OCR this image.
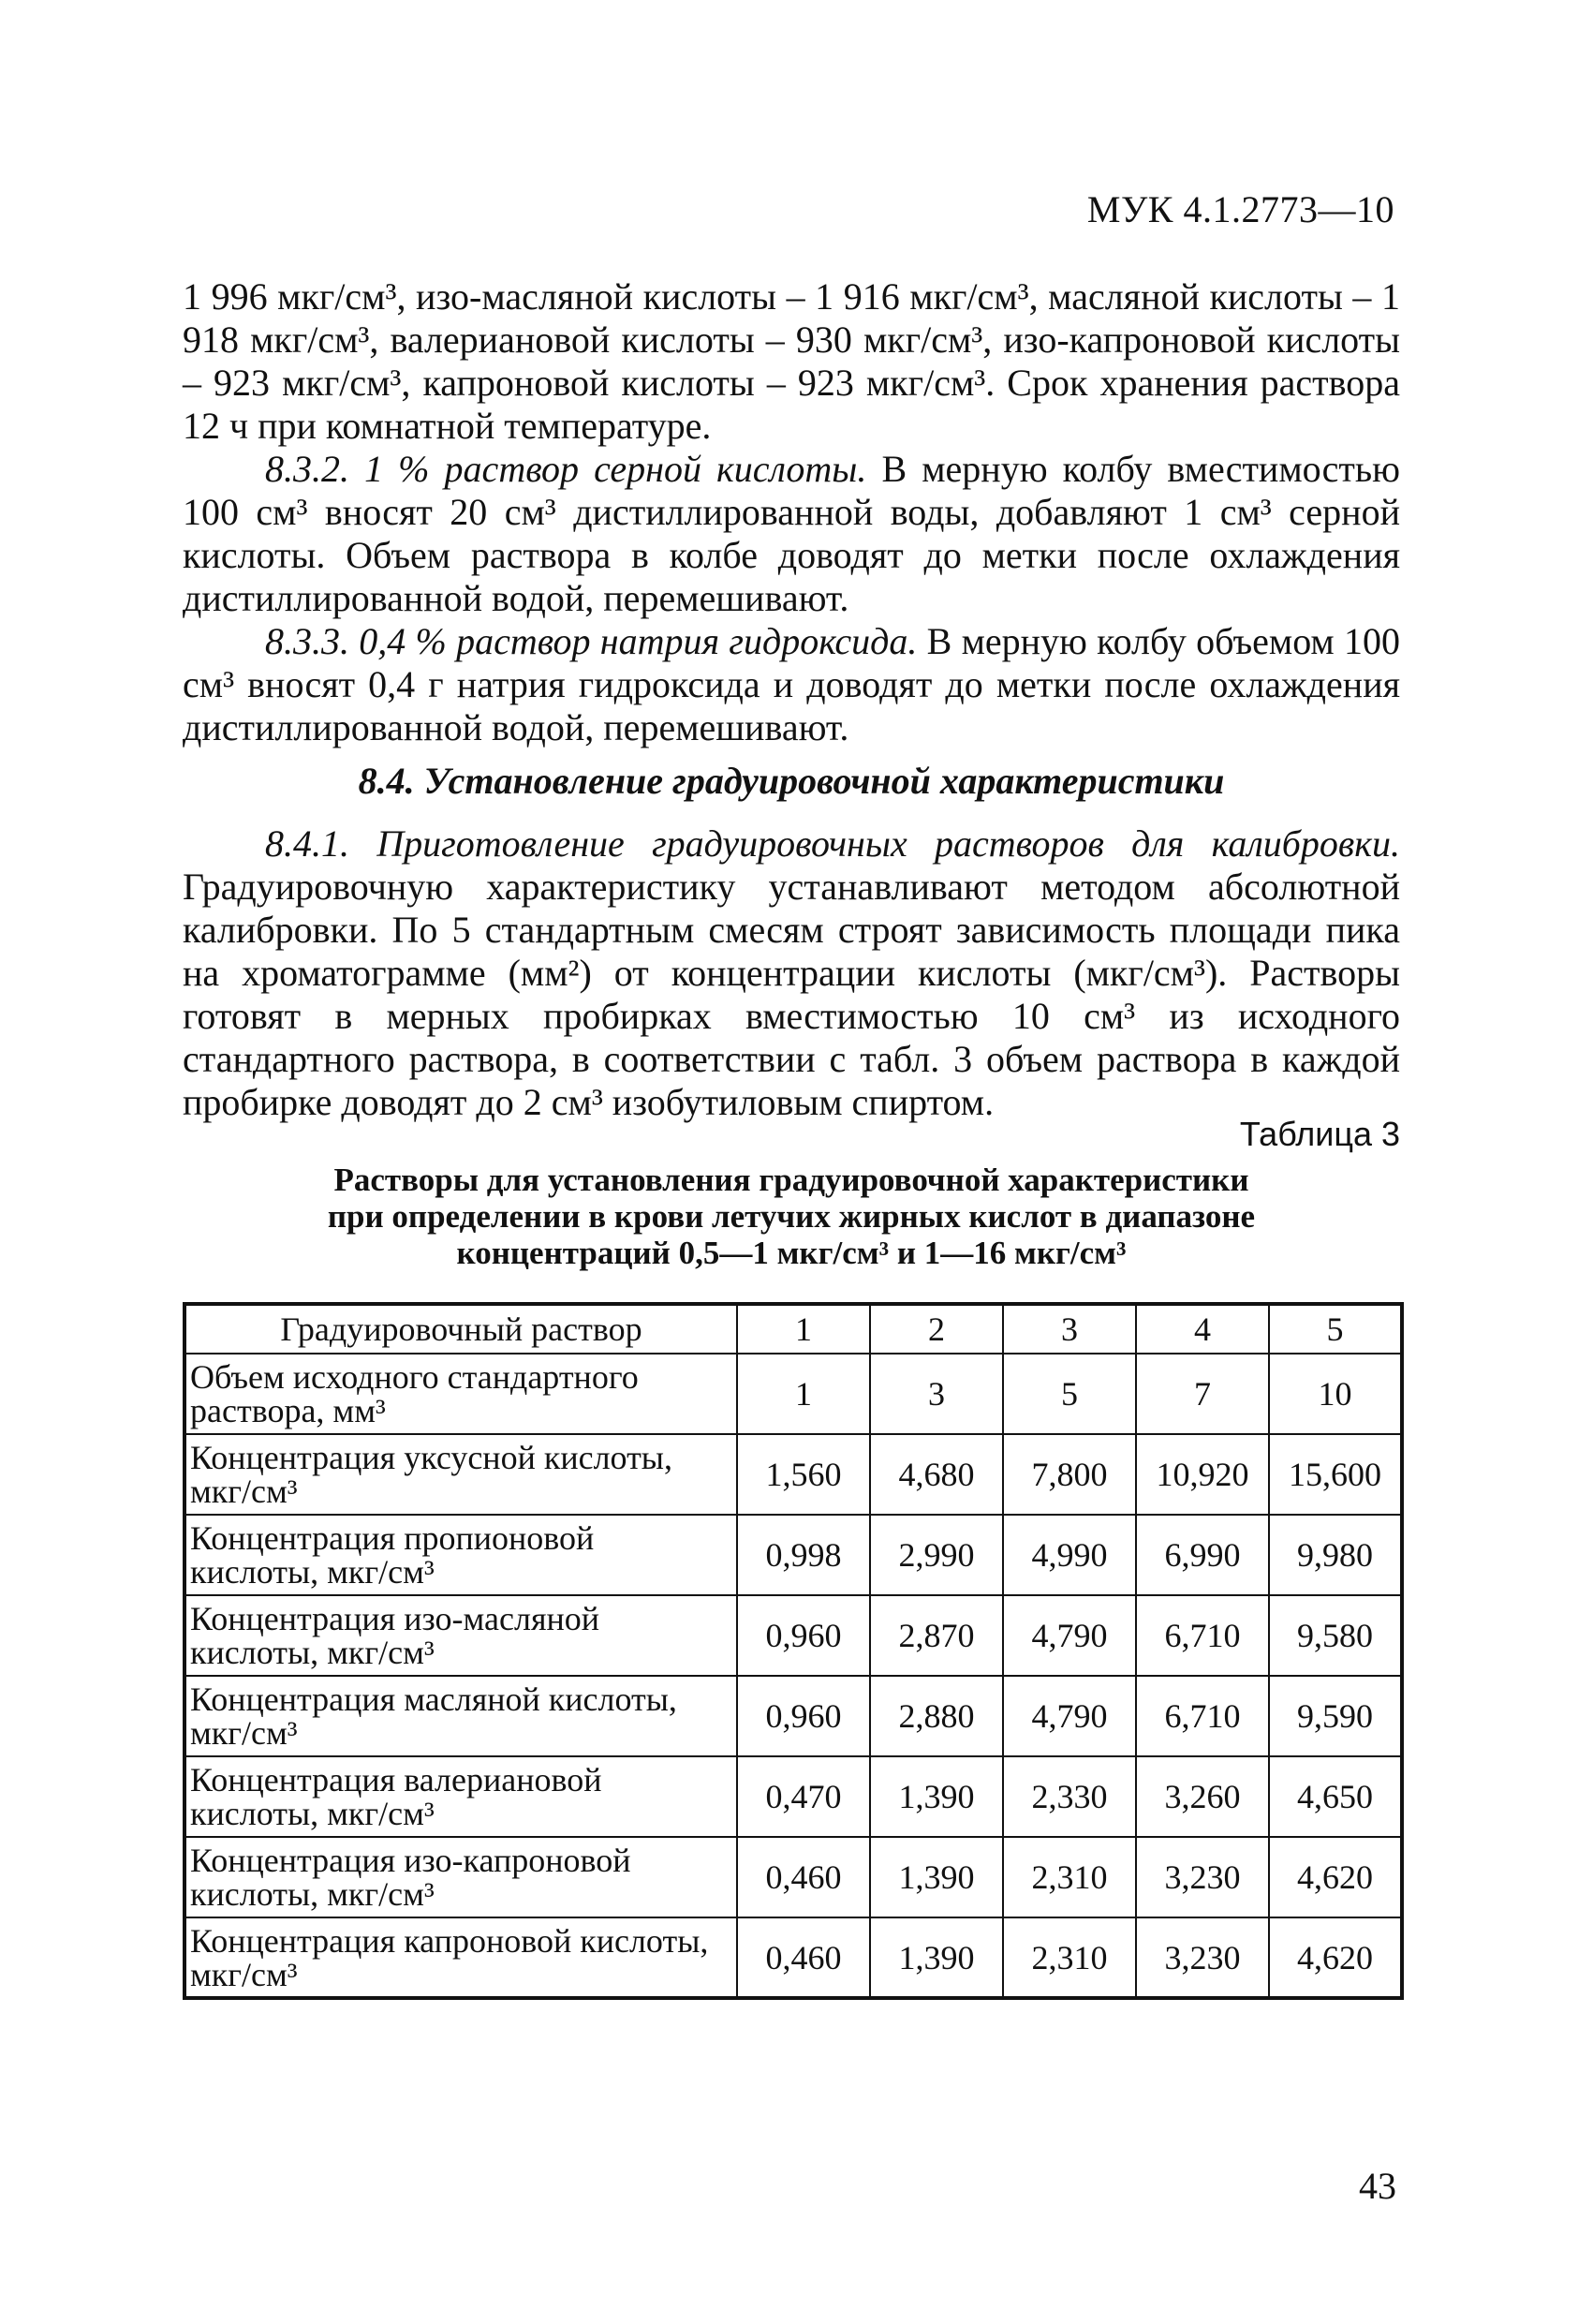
МУК 4.1.2773—10

1 996 мкг/см³, изо-масляной кислоты – 1 916 мкг/см³, масляной кислоты – 1 918 мкг/см³, валериановой кислоты – 930 мкг/см³, изо-капроновой кислоты – 923 мкг/см³, капроновой кислоты – 923 мкг/см³. Срок хранения раствора 12 ч при комнатной температуре.

8.3.2. 1 % раствор серной кислоты. В мерную колбу вместимостью 100 см³ вносят 20 см³ дистиллированной воды, добавляют 1 см³ серной кислоты. Объем раствора в колбе доводят до метки после охлаждения дистиллированной водой, перемешивают.

8.3.3. 0,4 % раствор натрия гидроксида. В мерную колбу объемом 100 см³ вносят 0,4 г натрия гидроксида и доводят до метки после охлаждения дистиллированной водой, перемешивают.

8.4. Установление градуировочной характеристики

8.4.1. Приготовление градуировочных растворов для калибровки. Градуировочную характеристику устанавливают методом абсолютной калибровки. По 5 стандартным смесям строят зависимость площади пика на хроматограмме (мм²) от концентрации кислоты (мкг/см³). Растворы готовят в мерных пробирках вместимостью 10 см³ из исходного стандартного раствора, в соответствии с табл. 3 объем раствора в каждой пробирке доводят до 2 см³ изобутиловым спиртом.

Таблица 3
Растворы для установления градуировочной характеристики
при определении в крови летучих жирных кислот в диапазоне
концентраций 0,5—1 мкг/см³ и 1—16 мкг/см³
Градуировочный раствор	1	2	3	4	5
Объем исходного стандартного раствора, мм³	1	3	5	7	10
Концентрация уксусной кислоты, мкг/см³	1,560	4,680	7,800	10,920	15,600
Концентрация пропионовой кислоты, мкг/см³	0,998	2,990	4,990	6,990	9,980
Концентрация изо-масляной кислоты, мкг/см³	0,960	2,870	4,790	6,710	9,580
Концентрация масляной кислоты, мкг/см³	0,960	2,880	4,790	6,710	9,590
Концентрация валериановой кислоты, мкг/см³	0,470	1,390	2,330	3,260	4,650
Концентрация изо-капроновой кислоты, мкг/см³	0,460	1,390	2,310	3,230	4,620
Концентрация капроновой кислоты, мкг/см³	0,460	1,390	2,310	3,230	4,620
43
